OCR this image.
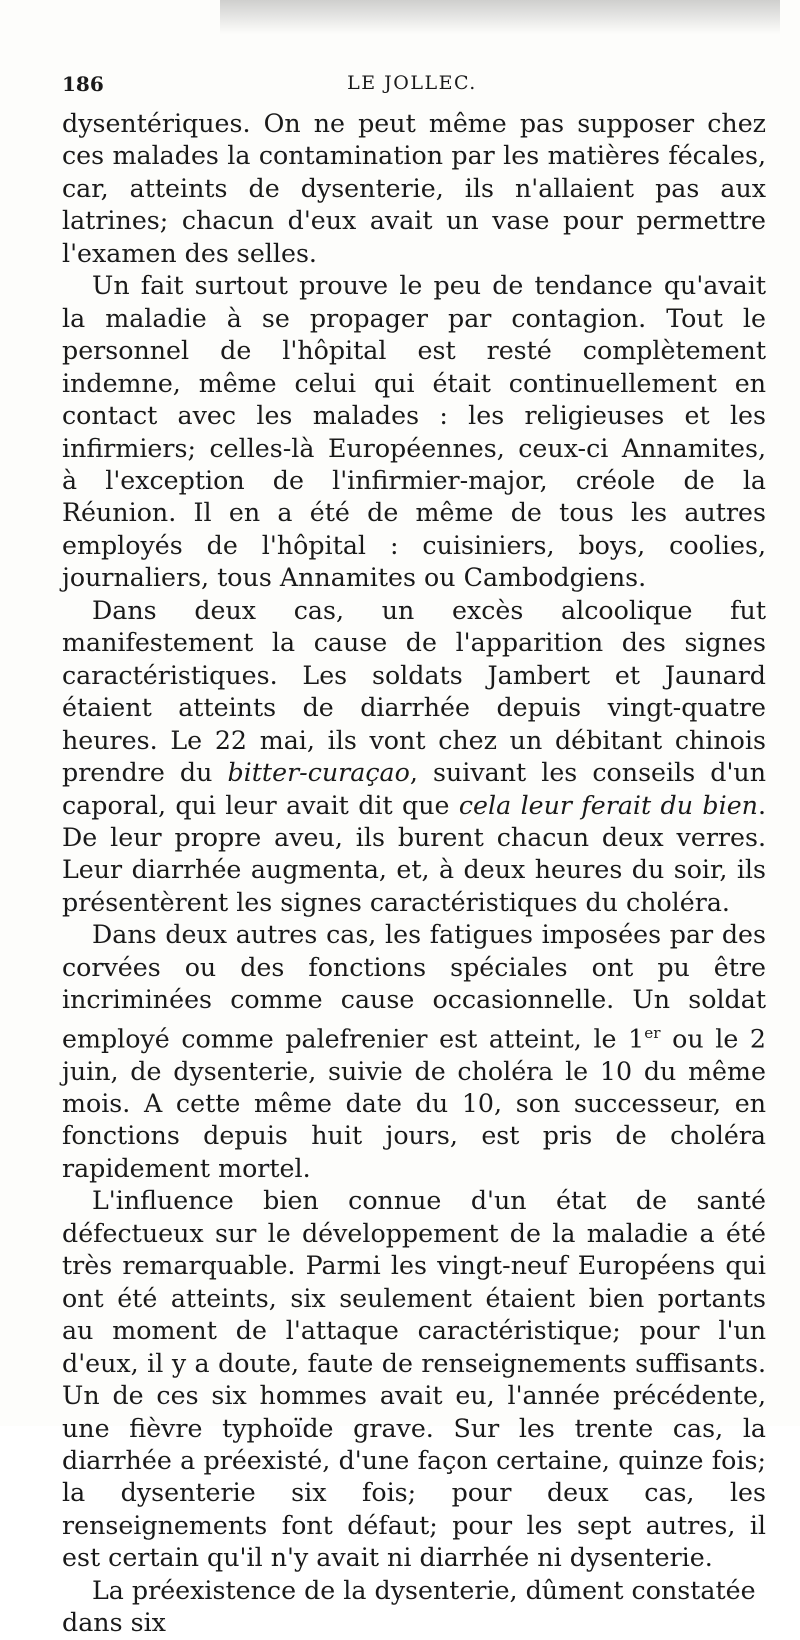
186	LE JOLLEC.

dysentériques. On ne peut même pas supposer chez ces malades la contamination par les matières fécales, car, atteints de dysenterie, ils n'allaient pas aux latrines; chacun d'eux avait un vase pour permettre l'examen des selles.

Un fait surtout prouve le peu de tendance qu'avait la maladie à se propager par contagion. Tout le personnel de l'hôpital est resté complètement indemne, même celui qui était continuellement en contact avec les malades : les religieuses et les infirmiers; celles-là Européennes, ceux-ci Annamites, à l'exception de l'infirmier-major, créole de la Réunion. Il en a été de même de tous les autres employés de l'hôpital : cuisiniers, boys, coolies, journaliers, tous Annamites ou Cambodgiens.

Dans deux cas, un excès alcoolique fut manifestement la cause de l'apparition des signes caractéristiques. Les soldats Jambert et Jaunard étaient atteints de diarrhée depuis vingt-quatre heures. Le 22 mai, ils vont chez un débitant chinois prendre du bitter-curaçao, suivant les conseils d'un caporal, qui leur avait dit que cela leur ferait du bien. De leur propre aveu, ils burent chacun deux verres. Leur diarrhée augmenta, et, à deux heures du soir, ils présentèrent les signes caractéristiques du choléra.

Dans deux autres cas, les fatigues imposées par des corvées ou des fonctions spéciales ont pu être incriminées comme cause occasionnelle. Un soldat employé comme palefrenier est atteint, le 1er ou le 2 juin, de dysenterie, suivie de choléra le 10 du même mois. A cette même date du 10, son successeur, en fonctions depuis huit jours, est pris de choléra rapidement mortel.

L'influence bien connue d'un état de santé défectueux sur le développement de la maladie a été très remarquable. Parmi les vingt-neuf Européens qui ont été atteints, six seulement étaient bien portants au moment de l'attaque caractéristique; pour l'un d'eux, il y a doute, faute de renseignements suffisants. Un de ces six hommes avait eu, l'année précédente, une fièvre typhoïde grave. Sur les trente cas, la diarrhée a préexisté, d'une façon certaine, quinze fois; la dysenterie six fois; pour deux cas, les renseignements font défaut; pour les sept autres, il est certain qu'il n'y avait ni diarrhée ni dysenterie.

La préexistence de la dysenterie, dûment constatée dans six
